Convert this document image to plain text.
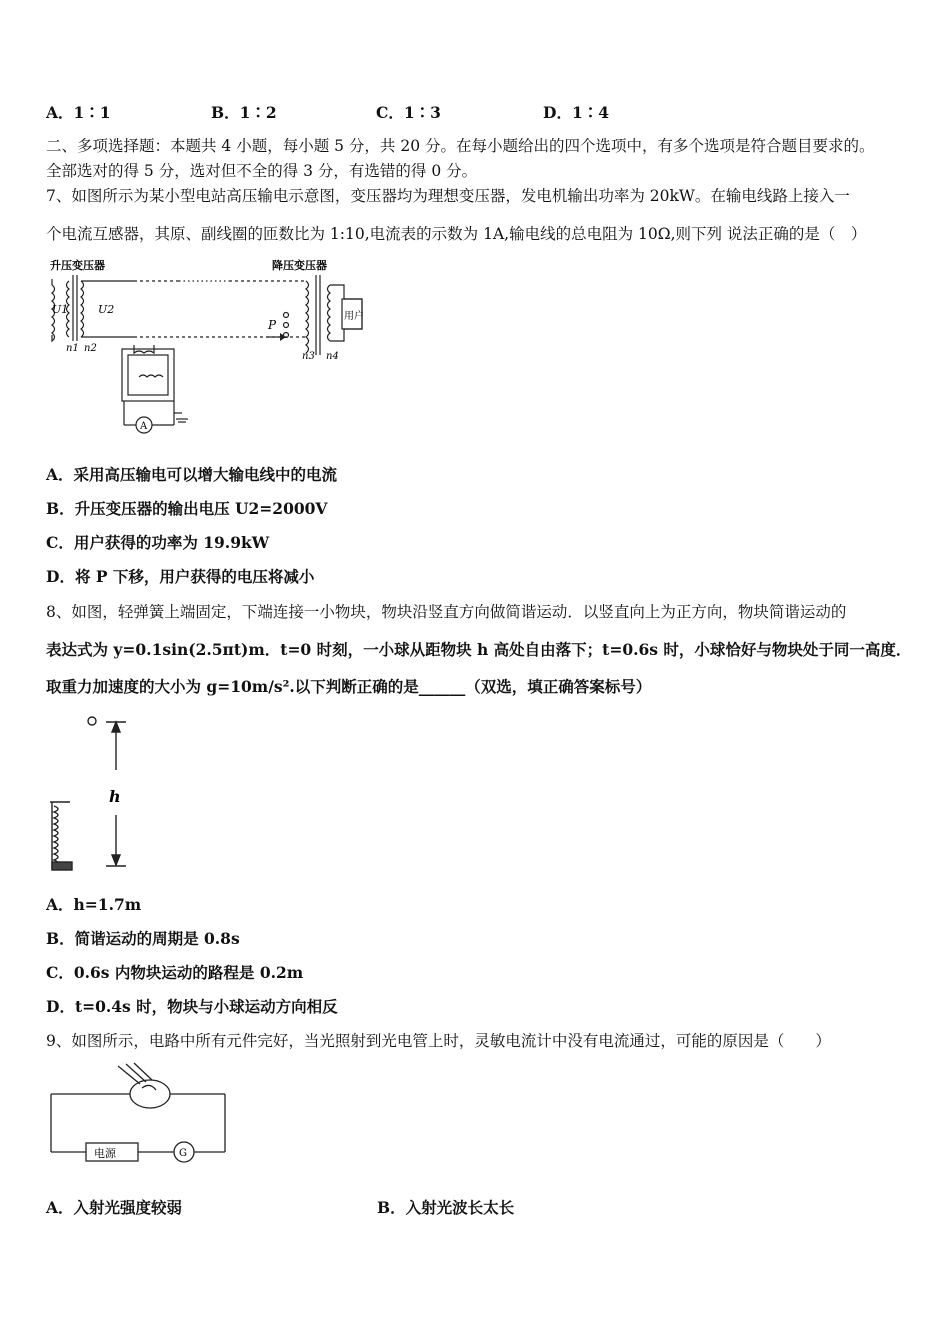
A．1∶1	B．1∶2	C．1∶3	D．1∶4
二、多项选择题：本题共 4 小题，每小题 5 分，共 20 分。在每小题给出的四个选项中，有多个选项是符合题目要求的。
全部选对的得 5 分，选对但不全的得 3 分，有选错的得 0 分。
7、如图所示为某小型电站高压输电示意图，变压器均为理想变压器，发电机输出功率为 20kW。在输电线路上接入一
个电流互感器，其原、副线圈的匝数比为 1:10,电流表的示数为 1A,输电线的总电阻为 10Ω,则下列 说法正确的是（　）
升压变压器	降压变压器
U1	U2
n1 n2
n3 n4
P
用户
A
A．采用高压输电可以增大输电线中的电流
B．升压变压器的输出电压 U2=2000V
C．用户获得的功率为 19.9kW
D．将 P 下移，用户获得的电压将减小
8、如图，轻弹簧上端固定，下端连接一小物块，物块沿竖直方向做简谐运动．以竖直向上为正方向，物块简谐运动的
表达式为 y=0.1sin(2.5πt)m．t=0 时刻，一小球从距物块 h 高处自由落下；t=0.6s 时，小球恰好与物块处于同一高度．
取重力加速度的大小为 g=10m/s².以下判断正确的是______（双选，填正确答案标号）
h
A．h=1.7m
B．简谐运动的周期是 0.8s
C．0.6s 内物块运动的路程是 0.2m
D．t=0.4s 时，物块与小球运动方向相反
9、如图所示，电路中所有元件完好，当光照射到光电管上时，灵敏电流计中没有电流通过，可能的原因是（　　）
电源	G
A．入射光强度较弱	B．入射光波长太长
